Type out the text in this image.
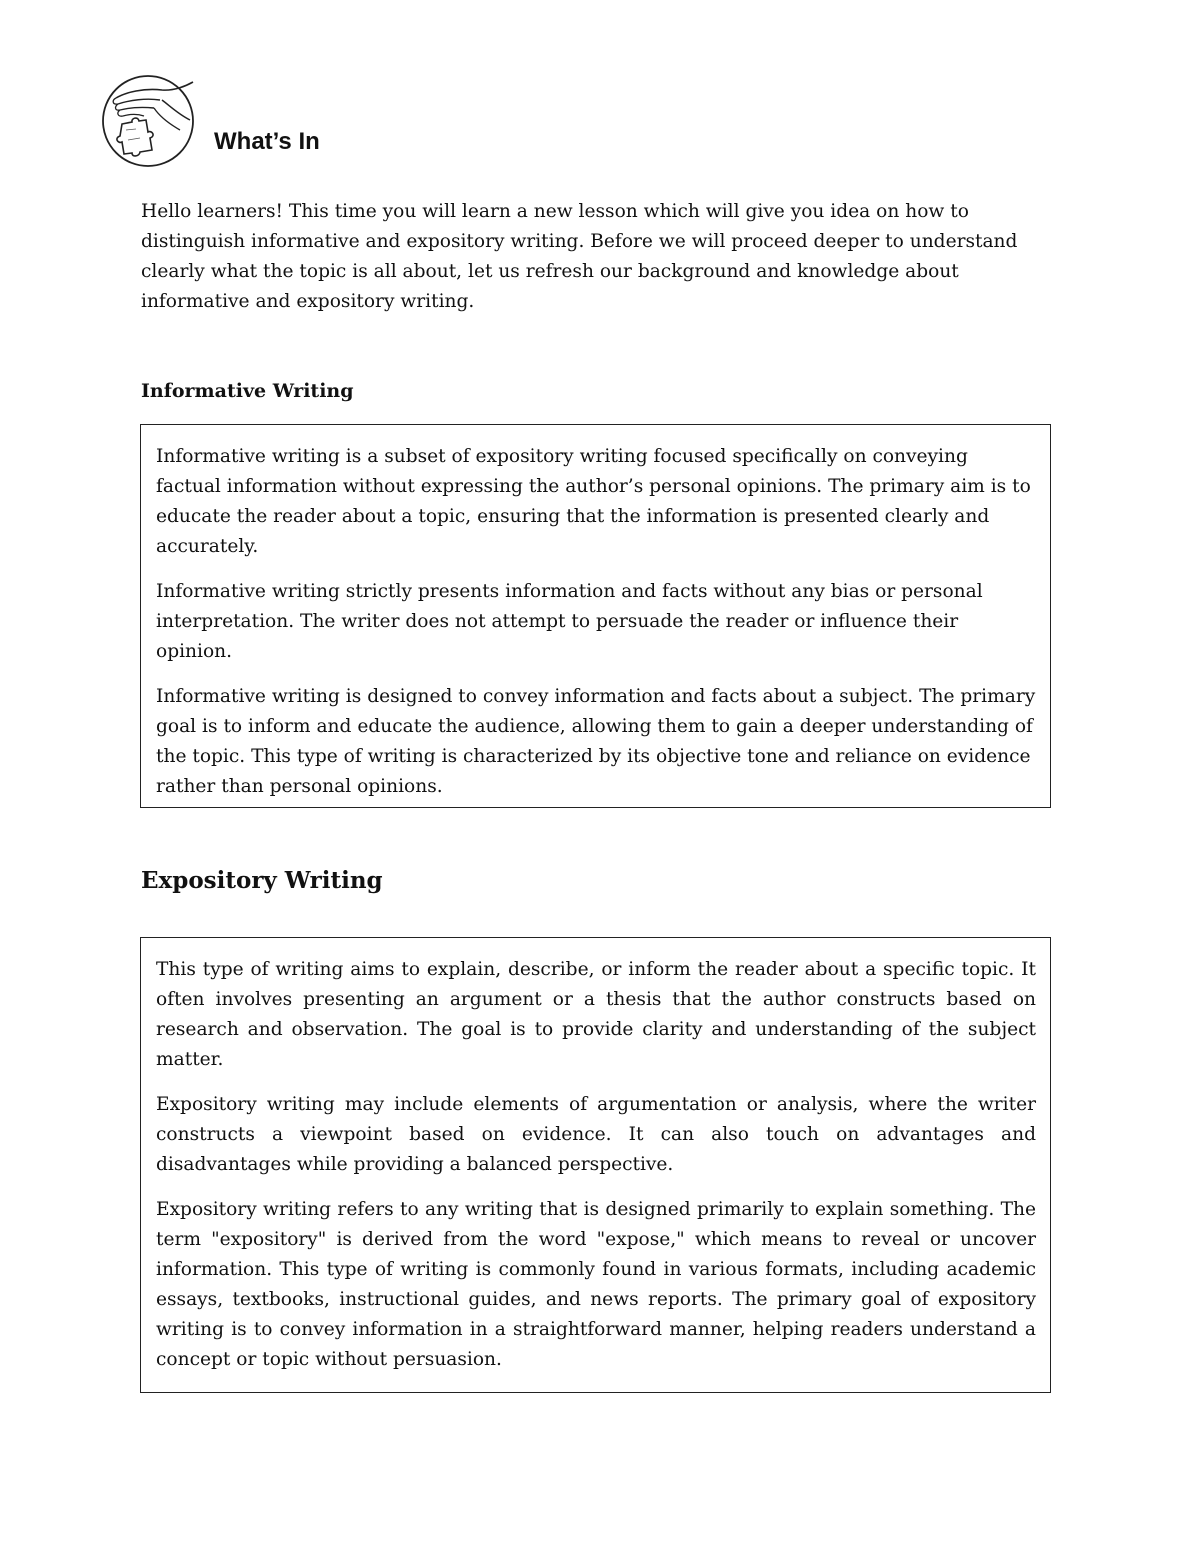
What’s In

Hello learners! This time you will learn a new lesson which will give you idea on how to distinguish informative and expository writing. Before we will proceed deeper to understand clearly what the topic is all about, let us refresh our background and knowledge about informative and expository writing.

Informative Writing

Informative writing is a subset of expository writing focused specifically on conveying factual information without expressing the author’s personal opinions. The primary aim is to educate the reader about a topic, ensuring that the information is presented clearly and accurately.

Informative writing strictly presents information and facts without any bias or personal interpretation. The writer does not attempt to persuade the reader or influence their opinion.

Informative writing is designed to convey information and facts about a subject. The primary goal is to inform and educate the audience, allowing them to gain a deeper understanding of the topic. This type of writing is characterized by its objective tone and reliance on evidence rather than personal opinions.

Expository Writing

This type of writing aims to explain, describe, or inform the reader about a specific topic. It often involves presenting an argument or a thesis that the author constructs based on research and observation. The goal is to provide clarity and understanding of the subject matter.

Expository writing may include elements of argumentation or analysis, where the writer constructs a viewpoint based on evidence. It can also touch on advantages and disadvantages while providing a balanced perspective.

Expository writing refers to any writing that is designed primarily to explain something. The term "expository" is derived from the word "expose," which means to reveal or uncover information. This type of writing is commonly found in various formats, including academic essays, textbooks, instructional guides, and news reports. The primary goal of expository writing is to convey information in a straightforward manner, helping readers understand a concept or topic without persuasion.
